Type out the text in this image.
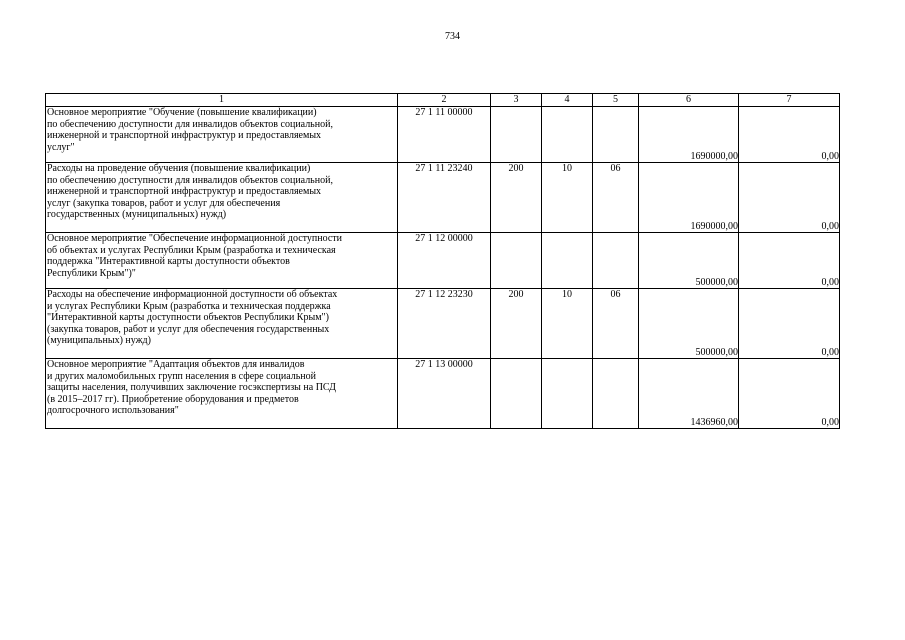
734
1	2	3	4	5	6	7
Основное мероприятие "Обучение (повышение квалификации)
по обеспечению доступности для инвалидов объектов социальной,
инженерной и транспортной инфраструктур и предоставляемых
услуг"	27 1 11 00000				1690000,00	0,00
Расходы на проведение обучения (повышение квалификации)
по обеспечению доступности для инвалидов объектов социальной,
инженерной и транспортной инфраструктур и предоставляемых
услуг (закупка товаров, работ и услуг для обеспечения
государственных (муниципальных) нужд)	27 1 11 23240	200	10	06	1690000,00	0,00
Основное мероприятие "Обеспечение информационной доступности
об объектах и услугах Республики Крым (разработка и техническая
поддержка "Интерактивной карты доступности объектов
Республики Крым")"	27 1 12 00000				500000,00	0,00
Расходы на обеспечение информационной доступности об объектах
и услугах Республики Крым (разработка и техническая поддержка
"Интерактивной карты доступности объектов Республики Крым")
(закупка товаров, работ и услуг для обеспечения государственных
(муниципальных) нужд)	27 1 12 23230	200	10	06	500000,00	0,00
Основное мероприятие "Адаптация объектов для инвалидов
и других маломобильных групп населения в сфере социальной
защиты населения, получивших заключение госэкспертизы на ПСД
(в 2015–2017 гг). Приобретение оборудования и предметов
долгосрочного использования"	27 1 13 00000				1436960,00	0,00
